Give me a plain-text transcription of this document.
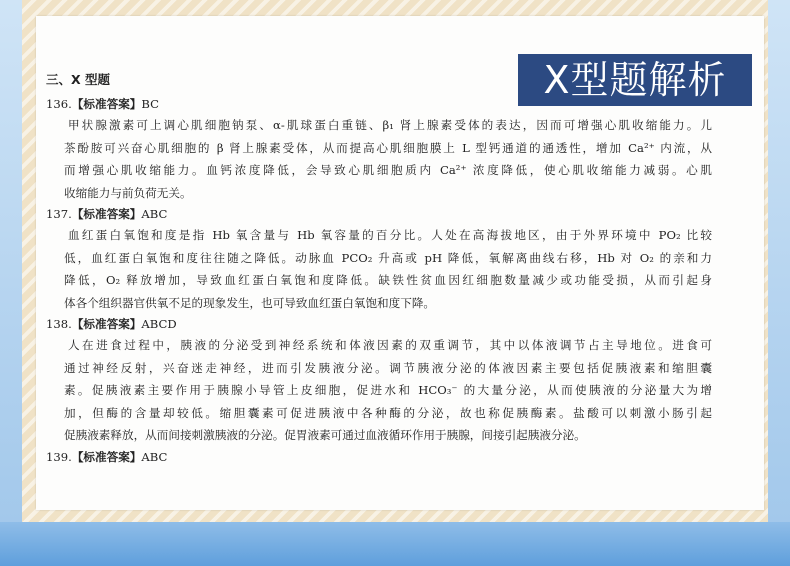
X型题解析
三、X 型题
136.【标准答案】BC
甲状腺激素可上调心肌细胞钠泵、α-肌球蛋白重链、β₁ 肾上腺素受体的表达，因而可增强心肌收缩能力。儿
茶酚胺可兴奋心肌细胞的 β 肾上腺素受体，从而提高心肌细胞膜上 L 型钙通道的通透性，增加 Ca²⁺ 内流，从
而增强心肌收缩能力。血钙浓度降低，会导致心肌细胞质内 Ca²⁺ 浓度降低，使心肌收缩能力减弱。心肌
收缩能力与前负荷无关。
137.【标准答案】ABC
血红蛋白氧饱和度是指 Hb 氧含量与 Hb 氧容量的百分比。人处在高海拔地区，由于外界环境中 PO₂ 比较
低，血红蛋白氧饱和度往往随之降低。动脉血 PCO₂ 升高或 pH 降低，氧解离曲线右移，Hb 对 O₂ 的亲和力
降低，O₂ 释放增加，导致血红蛋白氧饱和度降低。缺铁性贫血因红细胞数量减少或功能受损，从而引起身
体各个组织器官供氧不足的现象发生，也可导致血红蛋白氧饱和度下降。
138.【标准答案】ABCD
人在进食过程中，胰液的分泌受到神经系统和体液因素的双重调节，其中以体液调节占主导地位。进食可
通过神经反射，兴奋迷走神经，进而引发胰液分泌。调节胰液分泌的体液因素主要包括促胰液素和缩胆囊
素。促胰液素主要作用于胰腺小导管上皮细胞，促进水和 HCO₃⁻ 的大量分泌，从而使胰液的分泌量大为增
加，但酶的含量却较低。缩胆囊素可促进胰液中各种酶的分泌，故也称促胰酶素。盐酸可以刺激小肠引起
促胰液素释放，从而间接刺激胰液的分泌。促胃液素可通过血液循环作用于胰腺，间接引起胰液分泌。
139.【标准答案】ABC
